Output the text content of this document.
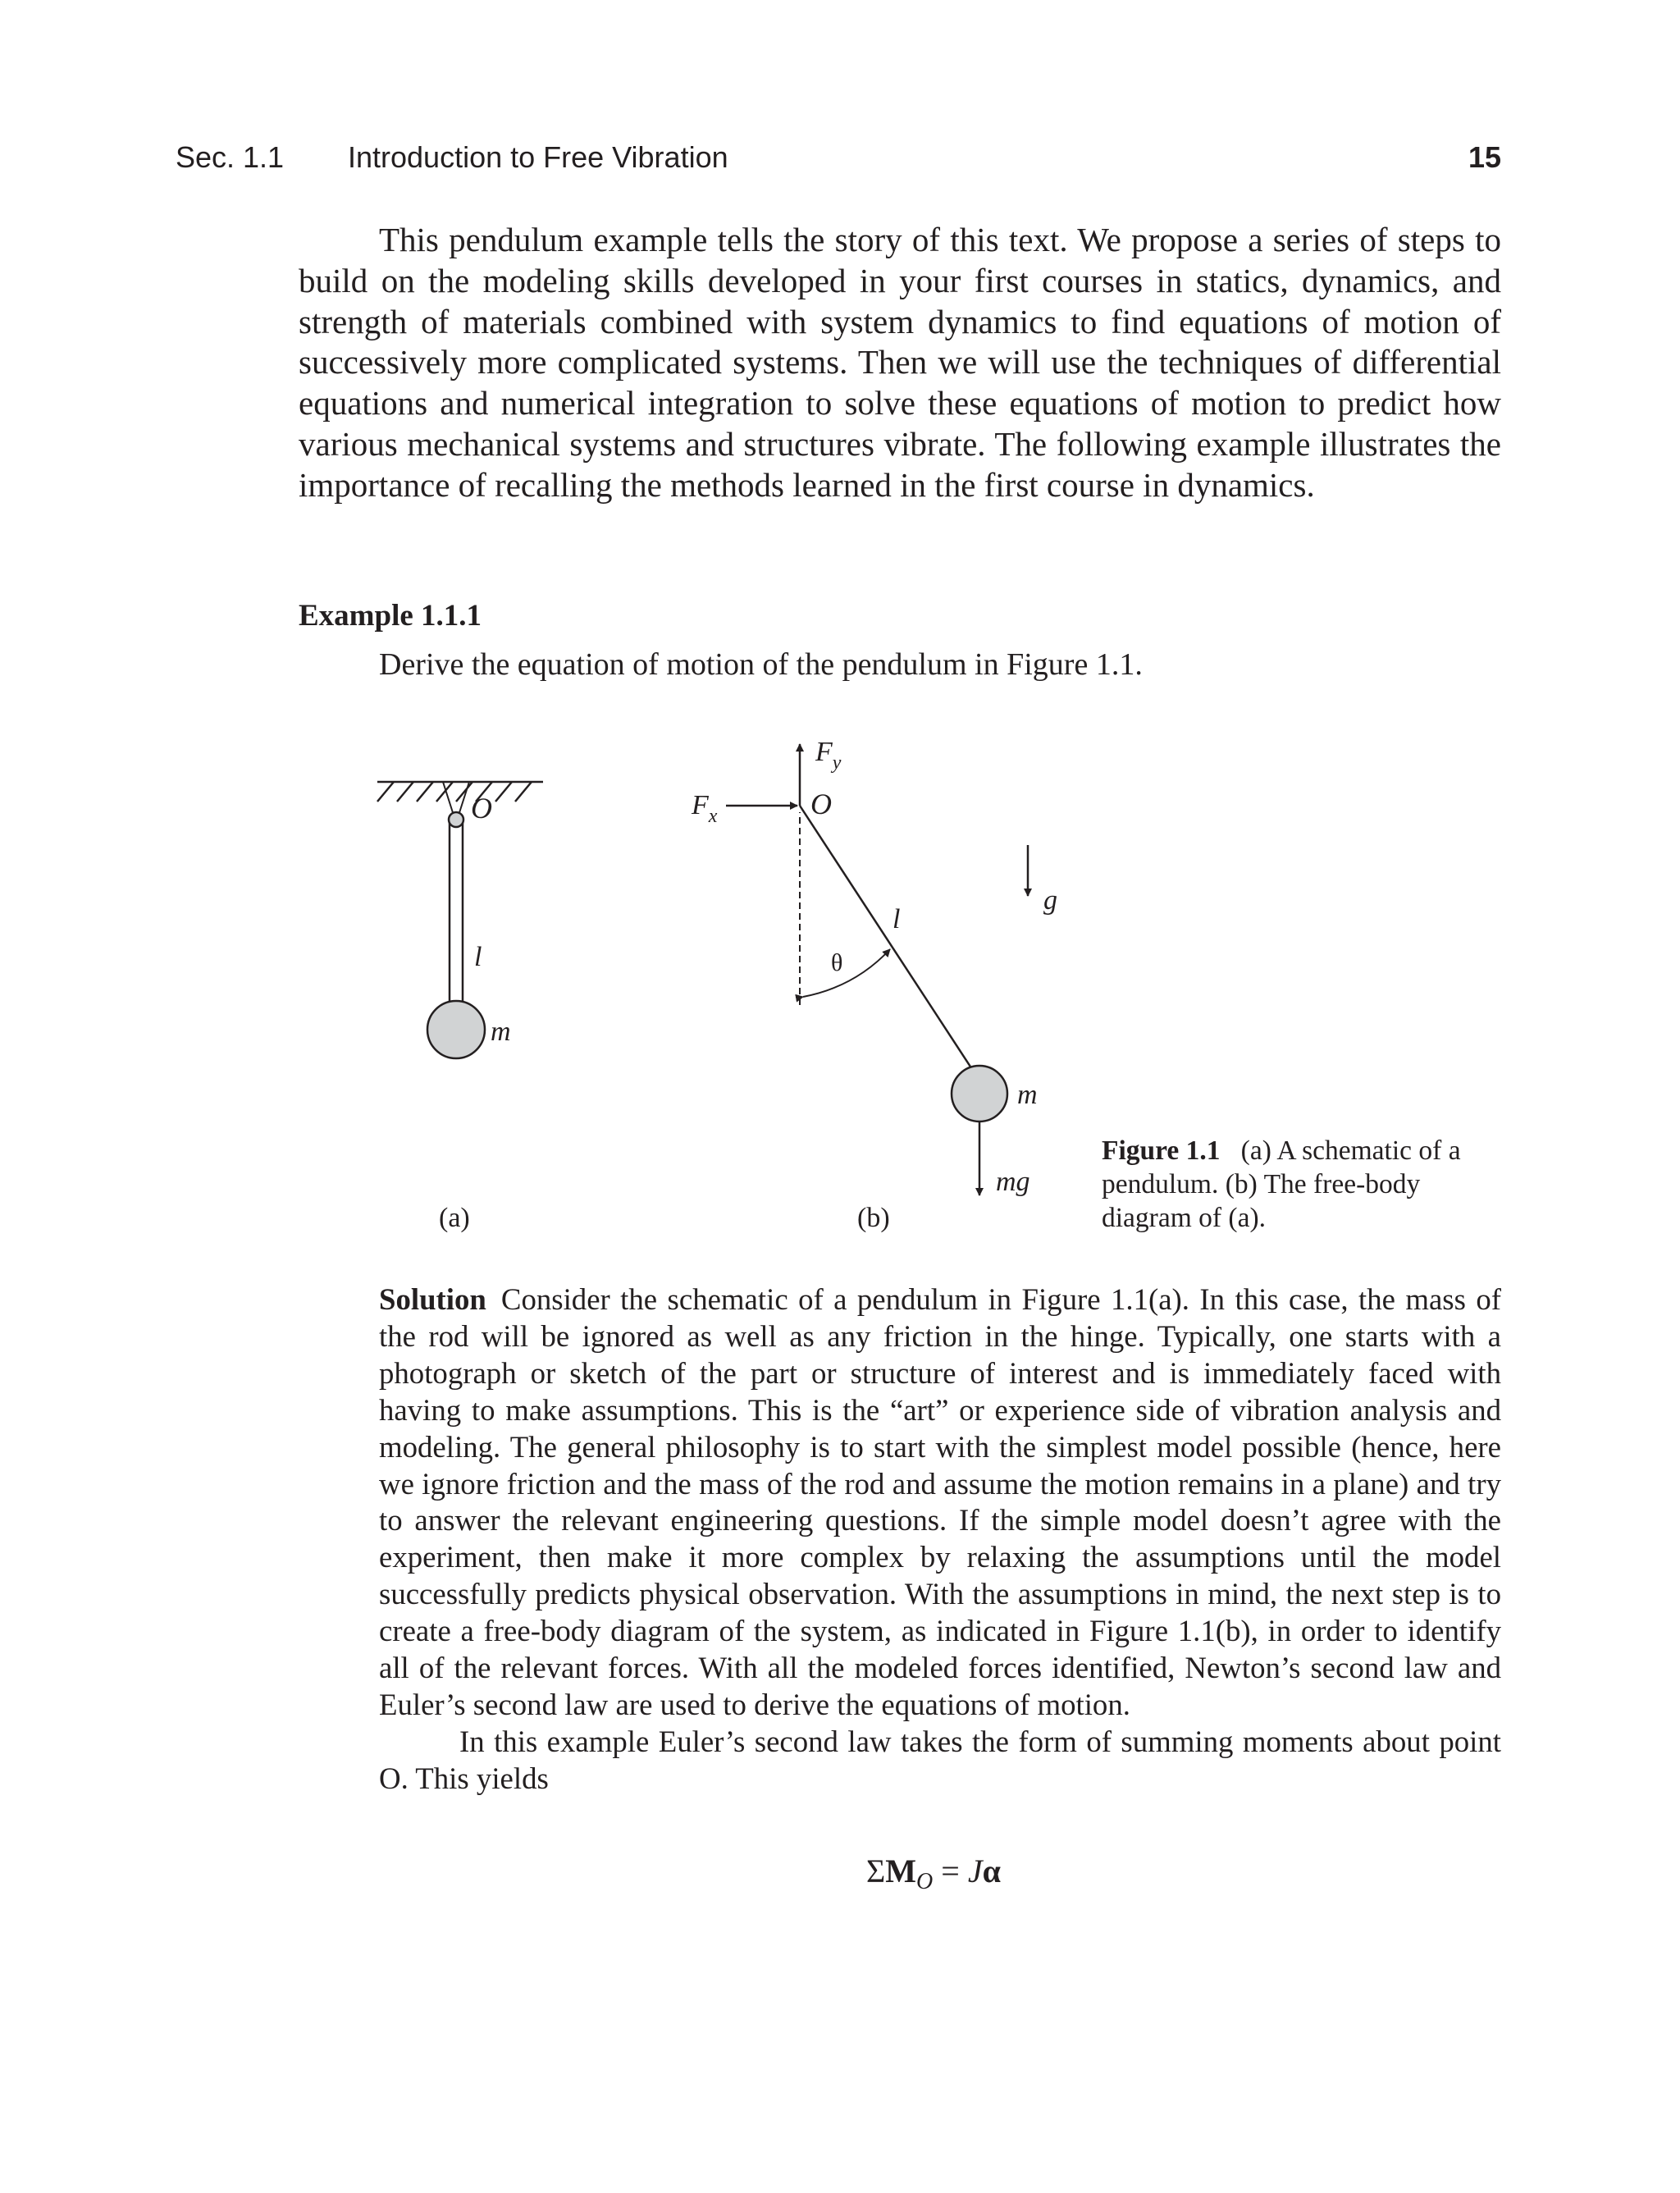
Sec. 1.1 Introduction to Free Vibration	15

This pendulum example tells the story of this text. We propose a series of steps to build on the modeling skills developed in your first courses in statics, dynamics, and strength of materials combined with system dynamics to find equations of motion of successively more complicated systems. Then we will use the techniques of differential equations and numerical integration to solve these equations of motion to predict how various mechanical systems and structures vibrate. The following example illustrates the importance of recalling the methods learned in the first course in dynamics.

Example 1.1.1
Derive the equation of motion of the pendulum in Figure 1.1.
O
l
m
(a)
$F_y$
$F_x$	O
l
θ
g
m
mg
(b)
Figure 1.1 (a) A schematic of a pendulum. (b) The free-body diagram of (a).

Solution Consider the schematic of a pendulum in Figure 1.1(a). In this case, the mass of the rod will be ignored as well as any friction in the hinge. Typically, one starts with a photograph or sketch of the part or structure of interest and is immediately faced with having to make assumptions. This is the “art” or experience side of vibration analysis and modeling. The general philosophy is to start with the simplest model possible (hence, here we ignore friction and the mass of the rod and assume the motion remains in a plane) and try to answer the relevant engineering questions. If the simple model doesn’t agree with the experiment, then make it more complex by relaxing the assumptions until the model successfully predicts physical observation. With the assumptions in mind, the next step is to create a free-body diagram of the system, as indicated in Figure 1.1(b), in order to identify all of the relevant forces. With all the modeled forces identified, Newton’s second law and Euler’s second law are used to derive the equations of motion.

In this example Euler’s second law takes the form of summing moments about point O. This yields

$\Sigma M_O = J\alpha$
